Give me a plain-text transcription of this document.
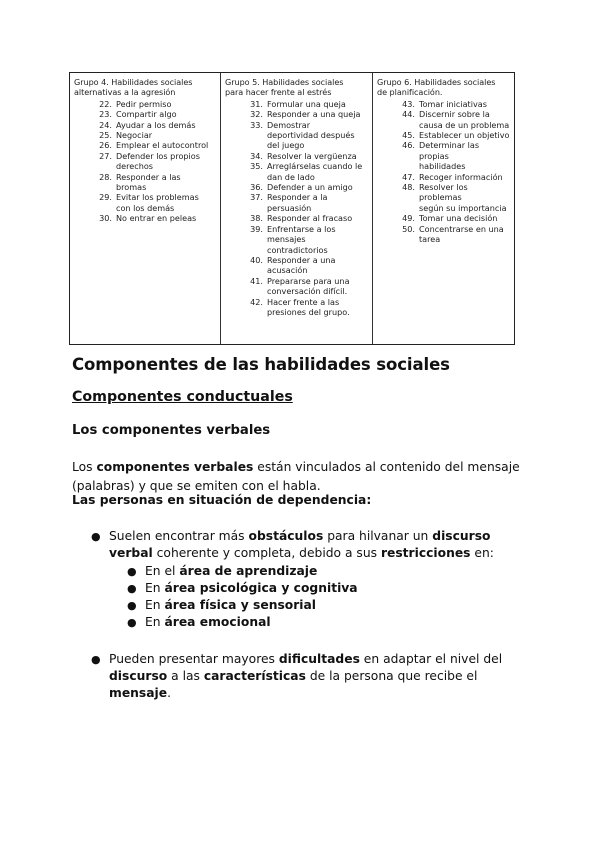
Grupo 4. Habilidades sociales
alternativas a la agresión
22. Pedir permiso
23. Compartir algo
24. Ayudar a los demás
25. Negociar
26. Emplear el autocontrol
27. Defender los propios
derechos
28. Responder a las
bromas
29. Evitar los problemas
con los demás
30. No entrar en peleas
Grupo 5. Habilidades sociales
para hacer frente al estrés
31. Formular una queja
32. Responder a una queja
33. Demostrar
deportividad después
del juego
34. Resolver la vergüenza
35. Arreglárselas cuando le
dan de lado
36. Defender a un amigo
37. Responder a la
persuasión
38. Responder al fracaso
39. Enfrentarse a los
mensajes
contradictorios
40. Responder a una
acusación
41. Prepararse para una
conversación difícil.
42. Hacer frente a las
presiones del grupo.
Grupo 6. Habilidades sociales
de planificación.
43. Tomar iniciativas
44. Discernir sobre la
causa de un problema
45. Establecer un objetivo
46. Determinar las propias
habilidades
47. Recoger información
48. Resolver los problemas
según su importancia
49. Tomar una decisión
50. Concentrarse en una
tarea
Componentes de las habilidades sociales
Componentes conductuales
Los componentes verbales

Los componentes verbales están vinculados al contenido del mensaje (palabras) y que se emiten con el habla.

Las personas en situación de dependencia:

● Suelen encontrar más obstáculos para hilvanar un discurso verbal coherente y completa, debido a sus restricciones en:
● En el área de aprendizaje
● En área psicológica y cognitiva
● En área física y sensorial
● En área emocional
● Pueden presentar mayores dificultades en adaptar el nivel del discurso a las características de la persona que recibe el mensaje.
